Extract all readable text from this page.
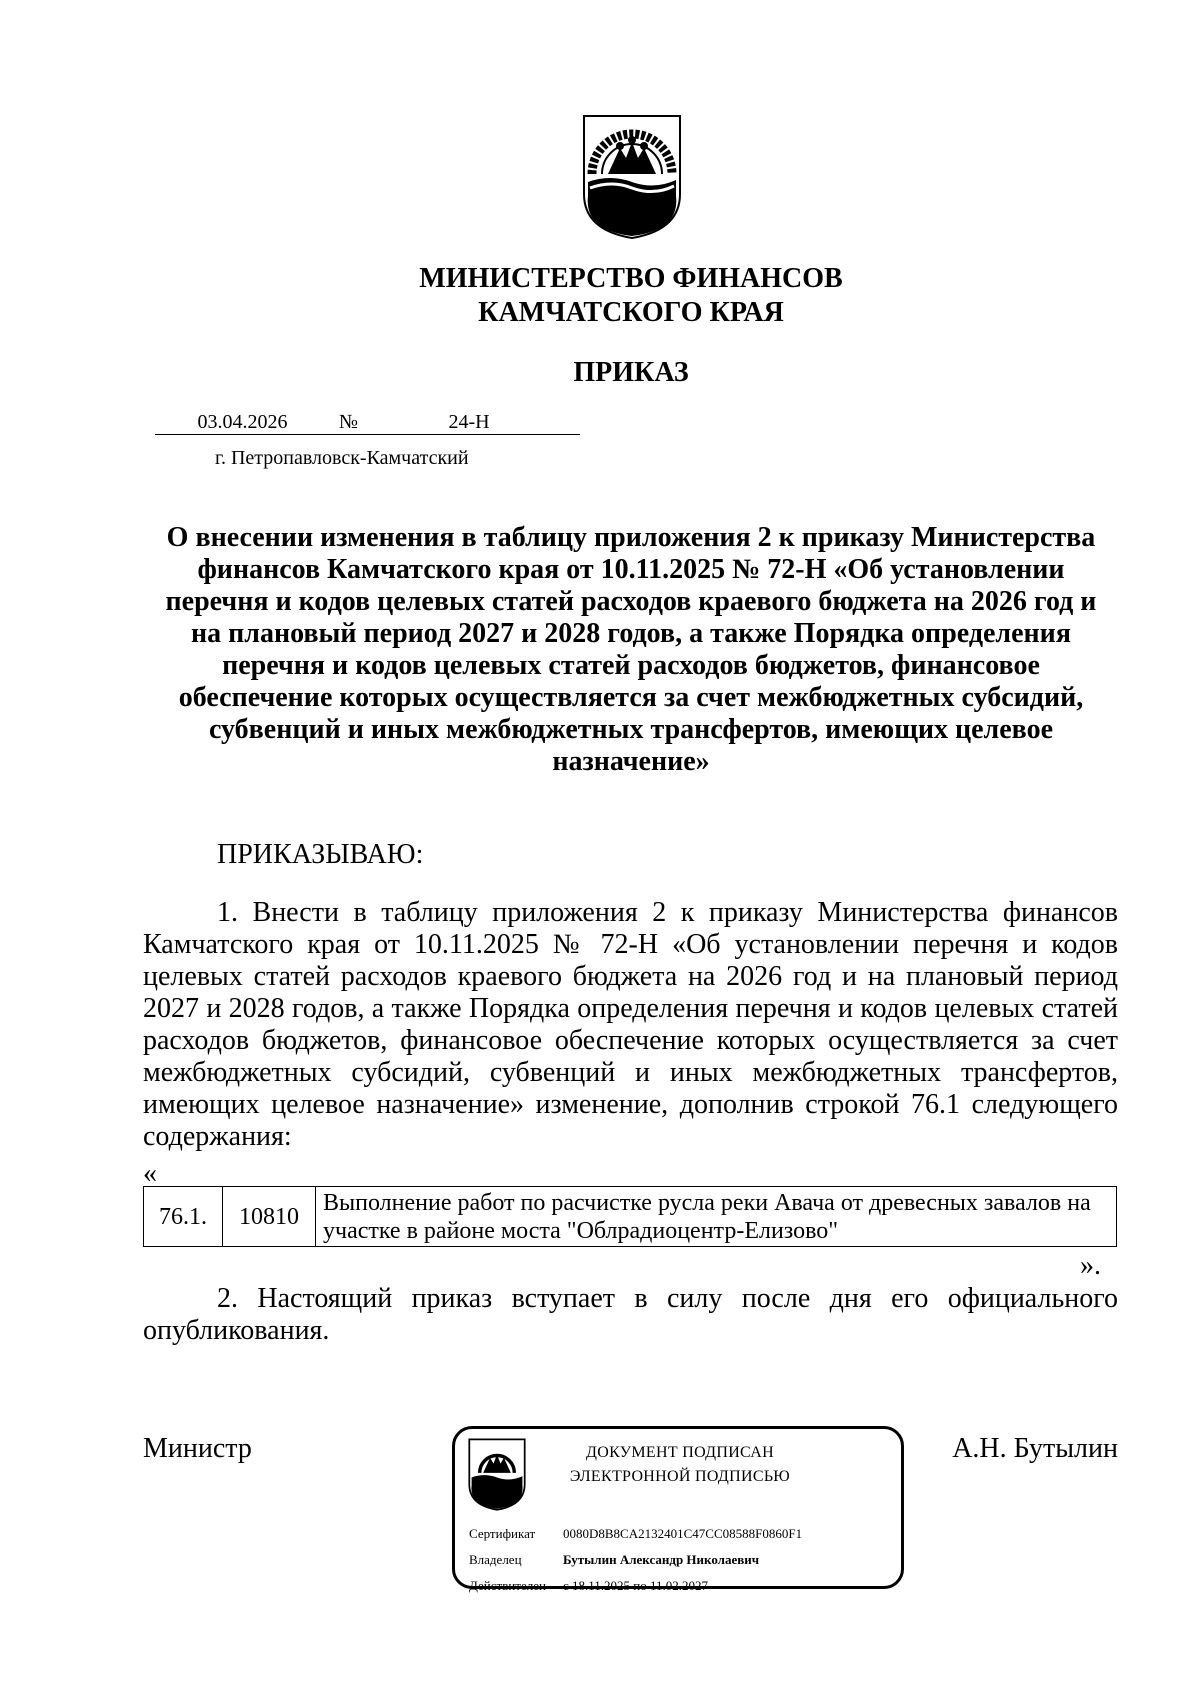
МИНИСТЕРСТВО ФИНАНСОВ
КАМЧАТСКОГО КРАЯ
ПРИКАЗ
03.04.2026	№	24-Н
г. Петропавловск-Камчатский
О внесении изменения в таблицу приложения 2 к приказу Министерства финансов Камчатского края от 10.11.2025 № 72-Н «Об установлении перечня и кодов целевых статей расходов краевого бюджета на 2026 год и на плановый период 2027 и 2028 годов, а также Порядка определения перечня и кодов целевых статей расходов бюджетов, финансовое обеспечение которых осуществляется за счет межбюджетных субсидий, субвенций и иных межбюджетных трансфертов, имеющих целевое назначение»
ПРИКАЗЫВАЮ:
1. Внести в таблицу приложения 2 к приказу Министерства финансов Камчатского края от 10.11.2025 № 72-Н «Об установлении перечня и кодов целевых статей расходов краевого бюджета на 2026 год и на плановый период 2027 и 2028 годов, а также Порядка определения перечня и кодов целевых статей расходов бюджетов, финансовое обеспечение которых осуществляется за счет межбюджетных субсидий, субвенций и иных межбюджетных трансфертов, имеющих целевое назначение» изменение, дополнив строкой 76.1 следующего содержания:
«
76.1.	10810	Выполнение работ по расчистке русла реки Авача от древесных завалов на участке в районе моста "Облрадиоцентр-Елизово"
».
2. Настоящий приказ вступает в силу после дня его официального опубликования.
Министр	А.Н. Бутылин
ДОКУМЕНТ ПОДПИСАН
ЭЛЕКТРОННОЙ ПОДПИСЬЮ
Сертификат 0080D8B8CA2132401C47CC08588F0860F1
Владелец	Бутылин Александр Николаевич
Действителен с 18.11.2025 по 11.02.2027
